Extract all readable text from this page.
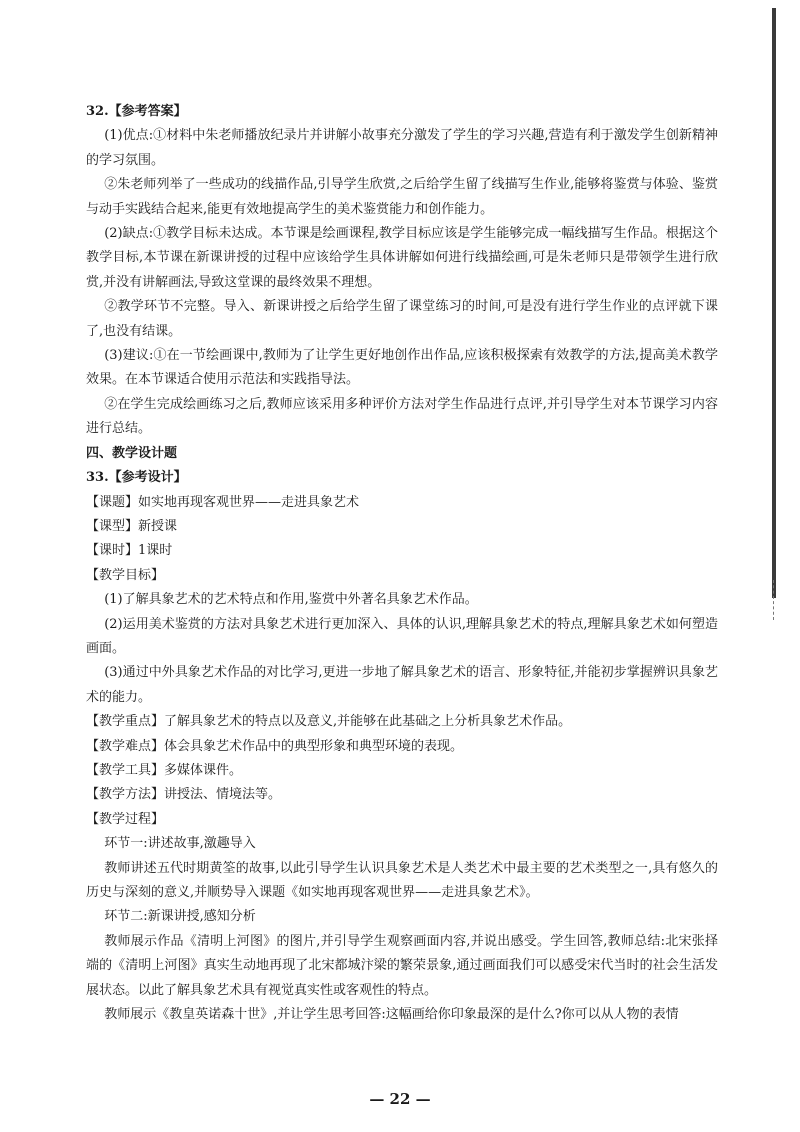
32.【参考答案】

(1)优点:①材料中朱老师播放纪录片并讲解小故事充分激发了学生的学习兴趣,营造有利于激发学生创新精神的学习氛围。

②朱老师列举了一些成功的线描作品,引导学生欣赏,之后给学生留了线描写生作业,能够将鉴赏与体验、鉴赏与动手实践结合起来,能更有效地提高学生的美术鉴赏能力和创作能力。

(2)缺点:①教学目标未达成。本节课是绘画课程,教学目标应该是学生能够完成一幅线描写生作品。根据这个教学目标,本节课在新课讲授的过程中应该给学生具体讲解如何进行线描绘画,可是朱老师只是带领学生进行欣赏,并没有讲解画法,导致这堂课的最终效果不理想。

②教学环节不完整。导入、新课讲授之后给学生留了课堂练习的时间,可是没有进行学生作业的点评就下课了,也没有结课。

(3)建议:①在一节绘画课中,教师为了让学生更好地创作出作品,应该积极探索有效教学的方法,提高美术教学效果。在本节课适合使用示范法和实践指导法。

②在学生完成绘画练习之后,教师应该采用多种评价方法对学生作品进行点评,并引导学生对本节课学习内容进行总结。

四、教学设计题

33.【参考设计】

【课题】如实地再现客观世界——走进具象艺术

【课型】新授课

【课时】1课时

【教学目标】

(1)了解具象艺术的艺术特点和作用,鉴赏中外著名具象艺术作品。

(2)运用美术鉴赏的方法对具象艺术进行更加深入、具体的认识,理解具象艺术的特点,理解具象艺术如何塑造画面。

(3)通过中外具象艺术作品的对比学习,更进一步地了解具象艺术的语言、形象特征,并能初步掌握辨识具象艺术的能力。

【教学重点】了解具象艺术的特点以及意义,并能够在此基础之上分析具象艺术作品。

【教学难点】体会具象艺术作品中的典型形象和典型环境的表现。

【教学工具】多媒体课件。

【教学方法】讲授法、情境法等。

【教学过程】

环节一:讲述故事,激趣导入

教师讲述五代时期黄筌的故事,以此引导学生认识具象艺术是人类艺术中最主要的艺术类型之一,具有悠久的历史与深刻的意义,并顺势导入课题《如实地再现客观世界——走进具象艺术》。

环节二:新课讲授,感知分析

教师展示作品《清明上河图》的图片,并引导学生观察画面内容,并说出感受。学生回答,教师总结:北宋张择端的《清明上河图》真实生动地再现了北宋都城汴梁的繁荣景象,通过画面我们可以感受宋代当时的社会生活发展状态。以此了解具象艺术具有视觉真实性或客观性的特点。

教师展示《教皇英诺森十世》,并让学生思考回答:这幅画给你印象最深的是什么?你可以从人物的表情

— 22 —
